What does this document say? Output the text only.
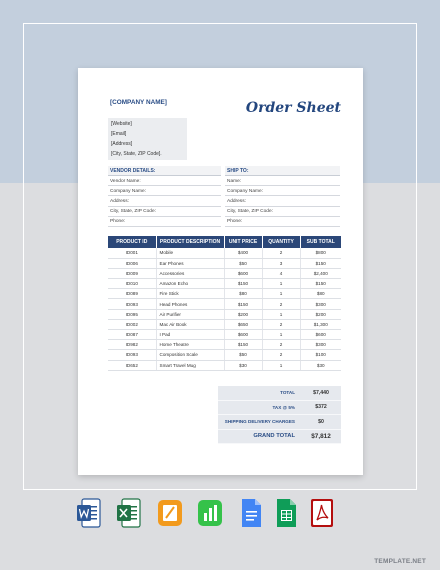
[COMPANY NAME]	Order Sheet
[Website]
[Email]
[Address]
[City, State, ZIP Code].
VENDOR DETAILS:
Vendor Name:
Company Name:
Address:
City, State, ZIP Code:
Phone:
SHIP TO:
Name:
Company Name:
Address:
City, State, ZIP Code:
Phone:
PRODUCT ID	PRODUCT DESCRIPTION	UNIT PRICE	QUANTITY	SUB TOTAL
ID001	Mobile	$400	2	$800
ID006	Ear Phones	$50	3	$150
ID009	Accessories	$600	4	$2,400
ID010	Amazon Echo	$150	1	$150
ID089	Fire Stick	$80	1	$80
ID093	Head Phones	$150	2	$300
ID095	Air Purifier	$200	1	$200
ID002	Mac Air Book	$650	2	$1,300
ID087	I Pad	$600	1	$600
ID982	Home Theatre	$150	2	$300
ID093	Composition Scale	$50	2	$100
ID652	Smart Travel Mug	$30	1	$30
TOTAL	$7,440
TAX @ 5%	$372
SHIPPING DELIVERY CHARGES	$0
GRAND TOTAL	$7,812
TEMPLATE.NET
